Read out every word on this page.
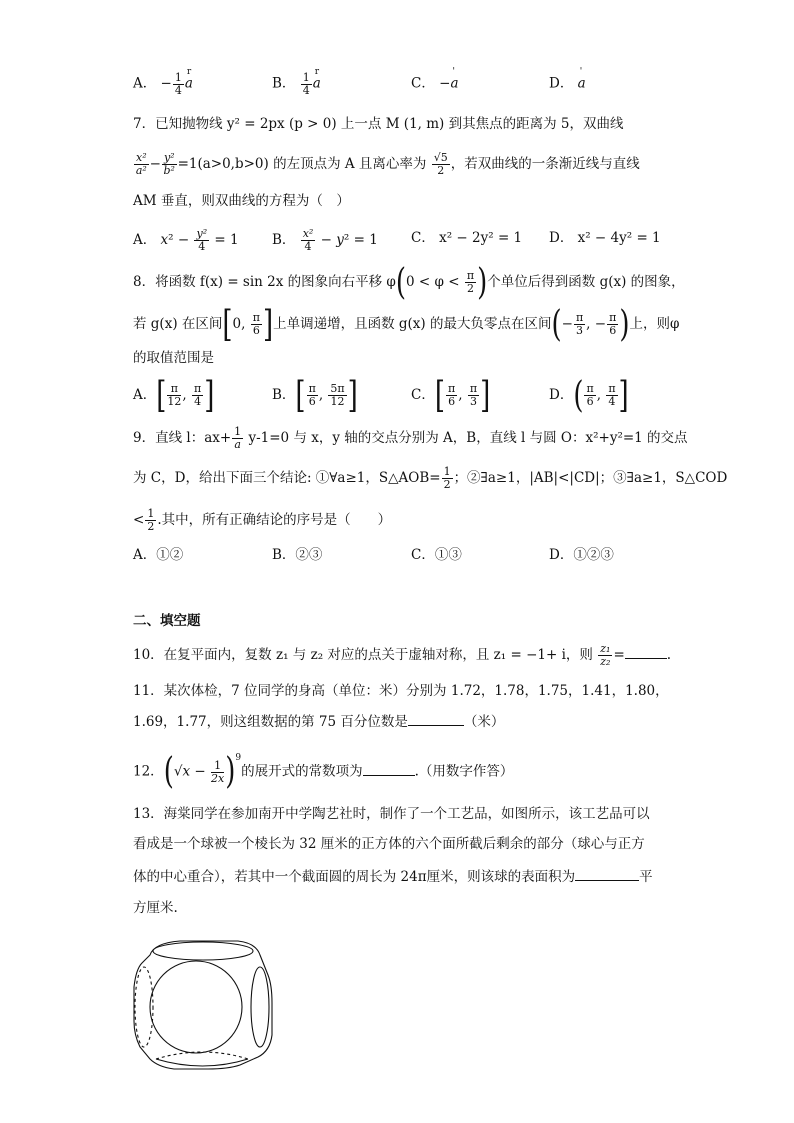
A． − $\frac{1}{4} a^r$
B． $\frac{1}{4} a^r$
C． −a'
D． a'
7．已知抛物线 y² = 2px (p > 0) 上一点 M (1, m) 到其焦点的距离为 5，双曲线
$\frac{\text{x²}}{\text{a²}} - \frac{\text{y²}}{\text{b²}} =1(a>0,b>0)$ 的左顶点为 A 且离心率为 $\frac{√5}{2}$ ，若双曲线的一条渐近线与直线
AM 垂直，则双曲线的方程为（　）
A． $x^2 - \frac{\text{y²}}{4} = 1$ B． $\frac{\text{x²}}{4} - y^2 = 1$ C． x² − 2y² = 1 D． x² − 4y² = 1
8．将函数 f(x) = sin 2x 的图象向右平移 $\varphi(0 < \varphi < \frac{\pi}{2}$ )个单位后得到函数 g(x) 的图象，
若 g(x) 在区间[0, $\frac{\pi}{6}$ ]上单调递增，且函数 g(x) 的最大负零点在区间(− $\frac{\pi}{3}$ , − $\frac{\pi}{6}$ )上，则φ
的取值范围是
A．[ $\frac{\pi}{12}$ , $\frac{\pi}{4}$ ]	B．[ $\frac{\pi}{6}$ , $\frac{5\pi}{12}$ ]	C．[ $\frac{\pi}{6}$ , $\frac{\pi}{3}$ ]	D．( $\frac{\pi}{6}$ , $\frac{\pi}{4}$ ]
9．直线 l：$ax+ \frac{1}{a} y-1=0$ 与 x，y 轴的交点分别为 A，B，直线 l 与圆 O：x²+y²=1 的交点
为 C，D，给出下面三个结论: ①∀a≥1，S△AOB= $\frac{1}{2}$ ；②∃a≥1，|AB|<|CD|；③∃a≥1，S△COD
< $\frac{1}{2}$ .其中，所有正确结论的序号是（　　）
A．①②	B．②③	C．①③	D．①②③
二、填空题
10．在复平面内，复数 z₁ 与 z₂ 对应的点关于虚轴对称，且 z₁ = −1+ i，则 $\frac{\text{z₁}}{\text{z₂}}$ =	.
11．某次体检，7 位同学的身高（单位：米）分别为 1.72，1.78，1.75，1.41，1.80，
1.69，1.77，则这组数据的第 75 百分位数是	（米）
12．$(√x - \frac{1}{2x} )^9$的展开式的常数项为	.（用数字作答）
13．海棠同学在参加南开中学陶艺社时，制作了一个工艺品，如图所示，该工艺品可以
看成是一个球被一个棱长为 32 厘米的正方体的六个面所截后剩余的部分（球心与正方
体的中心重合），若其中一个截面圆的周长为 24π厘米，则该球的表面积为	平
方厘米.
